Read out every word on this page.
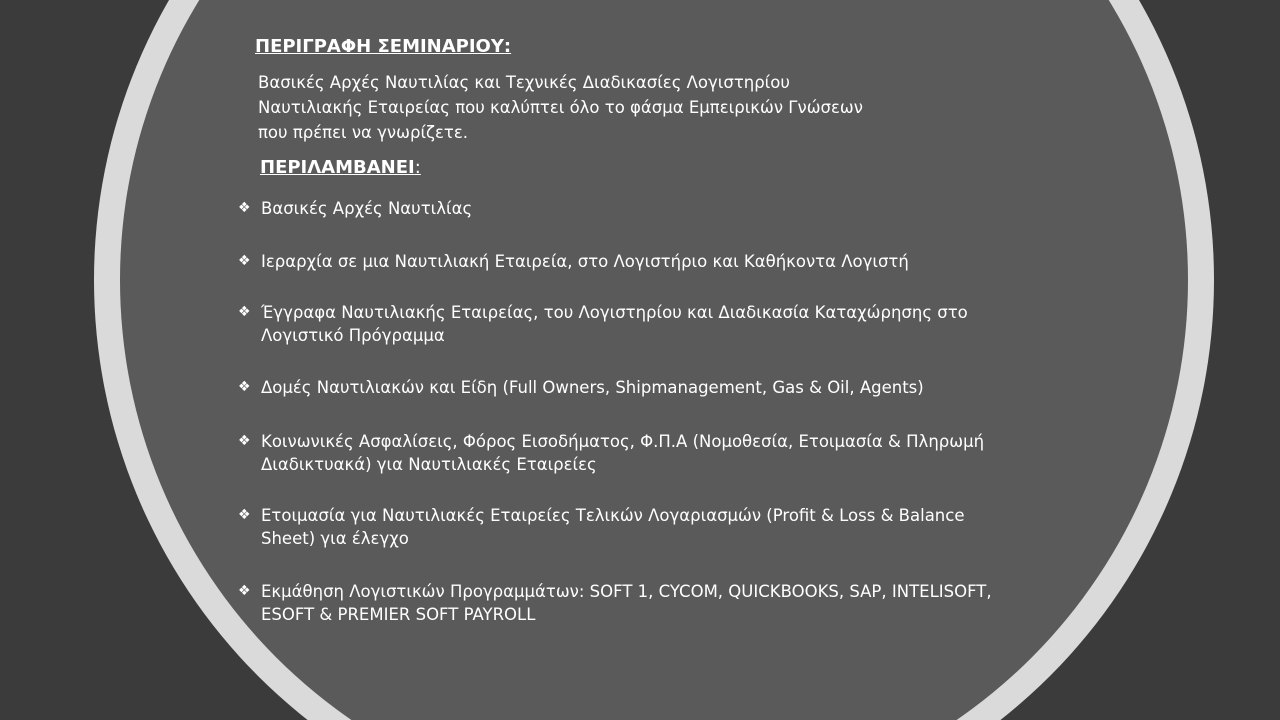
ΠΕΡΙΓΡΑΦΗ ΣΕΜΙΝΑΡΙΟΥ:
Βασικές Αρχές Ναυτιλίας και Τεχνικές Διαδικασίες Λογιστηρίου
Ναυτιλιακής Εταιρείας που καλύπτει όλο το φάσμα Εμπειρικών Γνώσεων
που πρέπει να γνωρίζετε.
ΠΕΡΙΛΑΜΒΑΝΕΙ:
❖ Βασικές Αρχές Ναυτιλίας
❖ Ιεραρχία σε μια Ναυτιλιακή Εταιρεία, στο Λογιστήριο και Καθήκοντα Λογιστή
❖ Έγγραφα Ναυτιλιακής Εταιρείας, του Λογιστηρίου και Διαδικασία Καταχώρησης στο
Λογιστικό Πρόγραμμα
❖ Δομές Ναυτιλιακών και Είδη (Full Owners, Shipmanagement, Gas & Oil, Agents)
❖ Κοινωνικές Ασφαλίσεις, Φόρος Εισοδήματος, Φ.Π.Α (Νομοθεσία, Ετοιμασία & Πληρωμή
Διαδικτυακά) για Ναυτιλιακές Εταιρείες
❖ Ετοιμασία για Ναυτιλιακές Εταιρείες Τελικών Λογαριασμών (Profit & Loss & Balance
Sheet) για έλεγχο
❖ Εκμάθηση Λογιστικών Προγραμμάτων: SOFT 1, CYCOM, QUICKBOOKS, SAP, INTELISOFT,
ESOFT & PREMIER SOFT PAYROLL
